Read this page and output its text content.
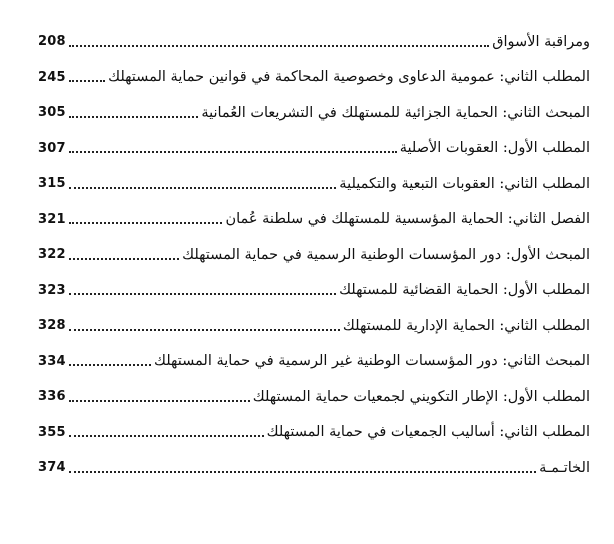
208	ومراقبة الأسواق
245	المطلب الثاني: عمومية الدعاوى وخصوصية المحاكمة في قوانين حماية المستهلك
305	المبحث الثاني: الحماية الجزائية للمستهلك في التشريعات العُمانية
307	المطلب الأول: العقوبات الأصلية
315	المطلب الثاني: العقوبات التبعية والتكميلية
321	الفصل الثاني: الحماية المؤسسية للمستهلك في سلطنة عُمان
322	المبحث الأول: دور المؤسسات الوطنية الرسمية في حماية المستهلك
323	المطلب الأول: الحماية القضائية للمستهلك
328	المطلب الثاني: الحماية الإدارية للمستهلك
334	المبحث الثاني: دور المؤسسات الوطنية غير الرسمية في حماية المستهلك
336	المطلب الأول: الإطار التكويني لجمعيات حماية المستهلك
355	المطلب الثاني: أساليب الجمعيات في حماية المستهلك
374	الخاتـمـة
